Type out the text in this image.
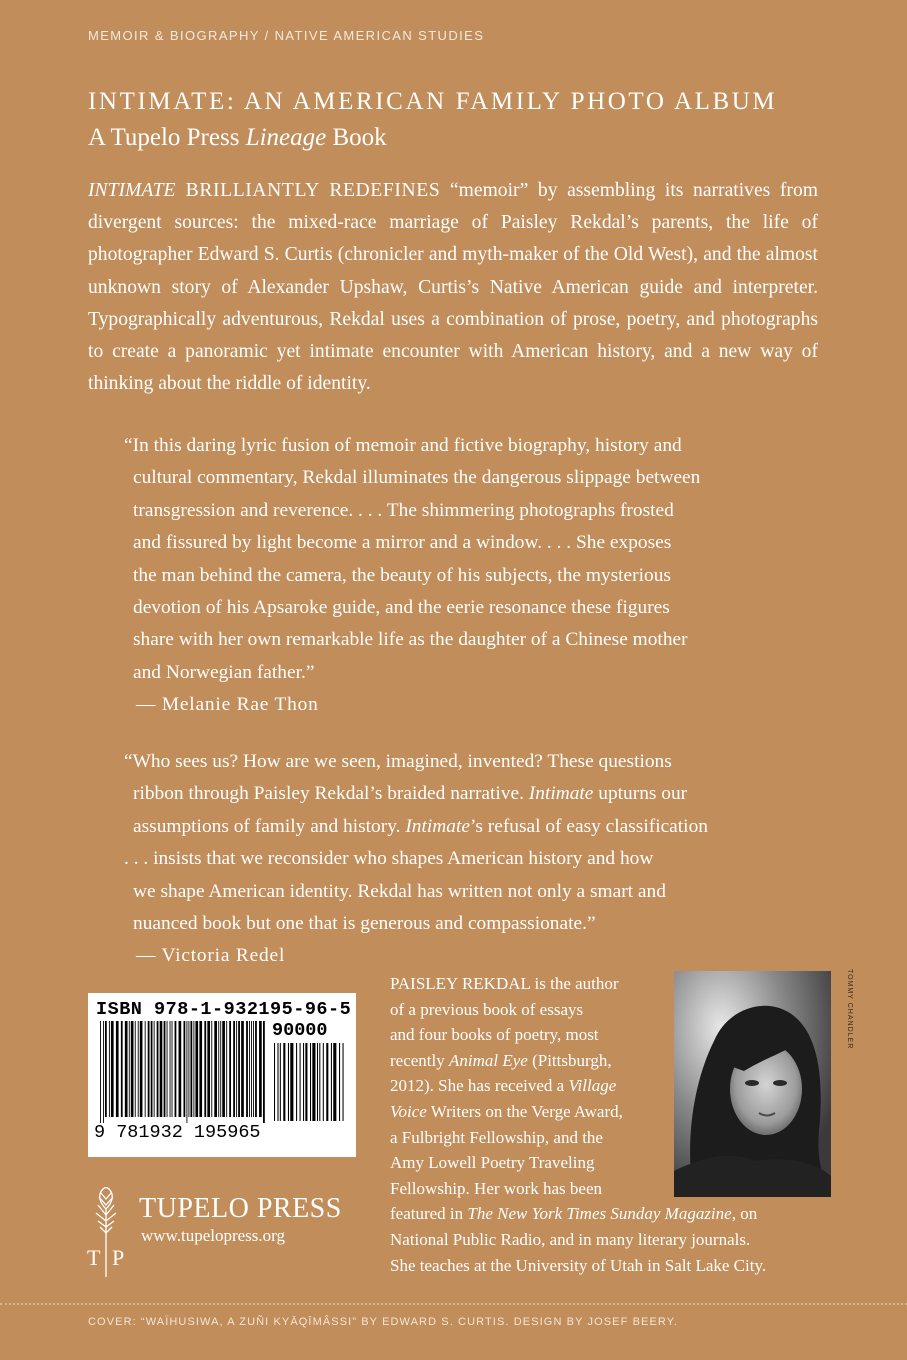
MEMOIR & BIOGRAPHY / NATIVE AMERICAN STUDIES
INTIMATE: AN AMERICAN FAMILY PHOTO ALBUM
A Tupelo Press Lineage Book
INTIMATE BRILLIANTLY REDEFINES “memoir” by assembling its narratives from divergent sources: the mixed-race marriage of Paisley Rekdal’s parents, the life of photographer Edward S. Curtis (chronicler and myth-maker of the Old West), and the almost unknown story of Alexander Upshaw, Curtis’s Native American guide and interpreter. Typographically adventurous, Rekdal uses a combination of prose, poetry, and photographs to create a panoramic yet intimate encounter with American history, and a new way of thinking about the riddle of identity.
“In this daring lyric fusion of memoir and fictive biography, history and
cultural commentary, Rekdal illuminates the dangerous slippage between
transgression and reverence. . . . The shimmering photographs frosted
and fissured by light become a mirror and a window. . . . She exposes
the man behind the camera, the beauty of his subjects, the mysterious
devotion of his Apsaroke guide, and the eerie resonance these figures
share with her own remarkable life as the daughter of a Chinese mother
and Norwegian father.”
— Melanie Rae Thon
“Who sees us? How are we seen, imagined, invented? These questions
ribbon through Paisley Rekdal’s braided narrative. Intimate upturns our
assumptions of family and history. Intimate’s refusal of easy classification
. . . insists that we reconsider who shapes American history and how
we shape American identity. Rekdal has written not only a smart and
nuanced book but one that is generous and compassionate.”
— Victoria Redel
ISBN 978-1-932195-96-5
90000
9 781932 195965
T P
TUPELO PRESS
www.tupelopress.org
TOMMY CHANDLER
PAISLEY REKDAL is the author
of a previous book of essays
and four books of poetry, most
recently Animal Eye (Pittsburgh,
2012). She has received a Village
Voice Writers on the Verge Award,
a Fulbright Fellowship, and the
Amy Lowell Poetry Traveling
Fellowship. Her work has been
featured in The New York Times Sunday Magazine, on
National Public Radio, and in many literary journals.
She teaches at the University of Utah in Salt Lake City.
COVER: “WAÏHUSIWA, A ZUÑI KYĀQĪMÂSSI” BY EDWARD S. CURTIS. DESIGN BY JOSEF BEERY.
